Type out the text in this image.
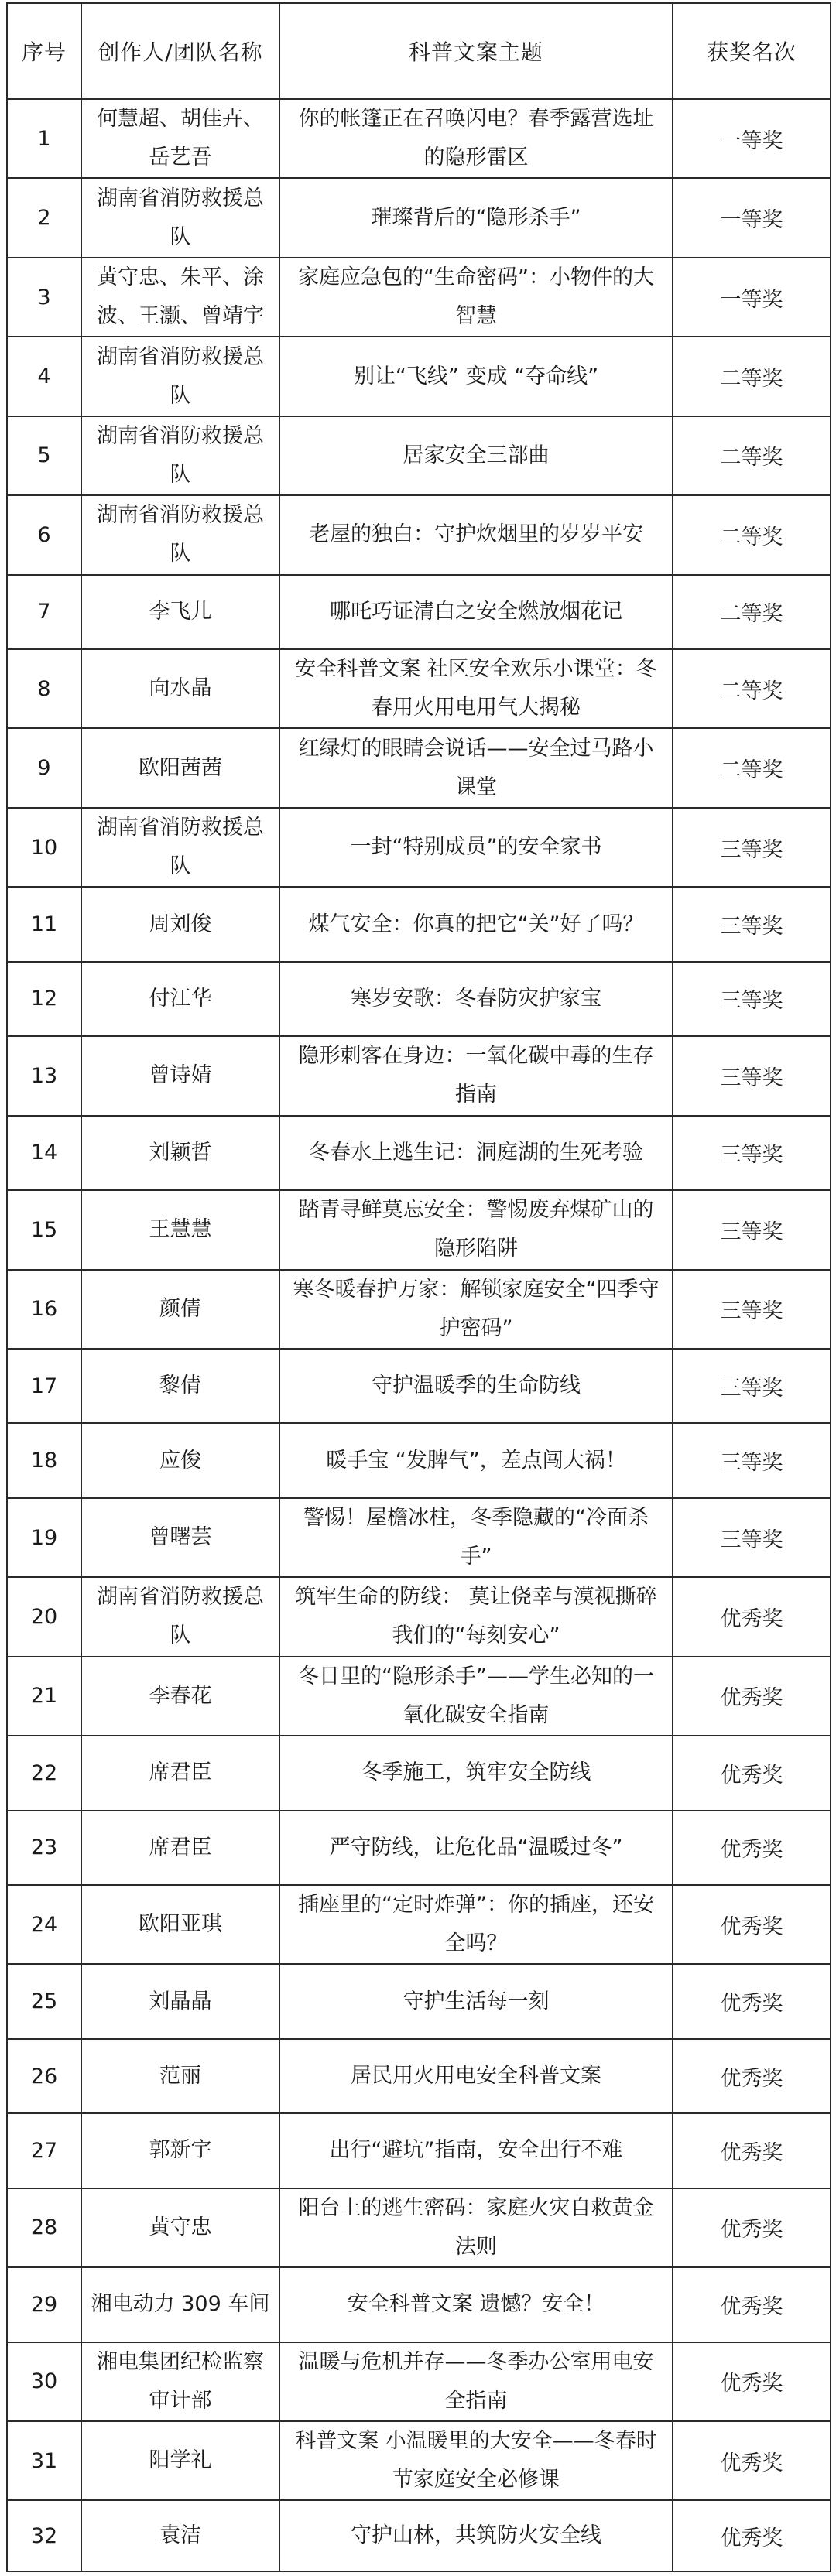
序号	创作人/团队名称	科普文案主题	获奖名次
1	何慧超、胡佳卉、岳艺吾	你的帐篷正在召唤闪电？春季露营选址的隐形雷区	一等奖
2	湖南省消防救援总队	璀璨背后的“隐形杀手”	一等奖
3	黄守忠、朱平、涂波、王灏、曾靖宇	家庭应急包的“生命密码”：小物件的大智慧	一等奖
4	湖南省消防救援总队	别让“飞线” 变成 “夺命线”	二等奖
5	湖南省消防救援总队	居家安全三部曲	二等奖
6	湖南省消防救援总队	老屋的独白：守护炊烟里的岁岁平安	二等奖
7	李飞儿	哪吒巧证清白之安全燃放烟花记	二等奖
8	向水晶	安全科普文案 社区安全欢乐小课堂：冬春用火用电用气大揭秘	二等奖
9	欧阳茜茜	红绿灯的眼睛会说话——安全过马路小课堂	二等奖
10	湖南省消防救援总队	一封“特别成员”的安全家书	三等奖
11	周刘俊	煤气安全：你真的把它“关”好了吗？	三等奖
12	付江华	寒岁安歌：冬春防灾护家宝	三等奖
13	曾诗婧	隐形刺客在身边：一氧化碳中毒的生存指南	三等奖
14	刘颖哲	冬春水上逃生记：洞庭湖的生死考验	三等奖
15	王慧慧	踏青寻鲜莫忘安全：警惕废弃煤矿山的隐形陷阱	三等奖
16	颜倩	寒冬暖春护万家：解锁家庭安全“四季守护密码”	三等奖
17	黎倩	守护温暖季的生命防线	三等奖
18	应俊	暖手宝 “发脾气”，差点闯大祸！	三等奖
19	曾曙芸	警惕！屋檐冰柱，冬季隐藏的“冷面杀手”	三等奖
20	湖南省消防救援总队	筑牢生命的防线： 莫让侥幸与漠视撕碎我们的“每刻安心”	优秀奖
21	李春花	冬日里的“隐形杀手”——学生必知的一氧化碳安全指南	优秀奖
22	席君臣	冬季施工，筑牢安全防线	优秀奖
23	席君臣	严守防线，让危化品“温暖过冬”	优秀奖
24	欧阳亚琪	插座里的“定时炸弹”：你的插座，还安全吗？	优秀奖
25	刘晶晶	守护生活每一刻	优秀奖
26	范丽	居民用火用电安全科普文案	优秀奖
27	郭新宇	出行“避坑”指南，安全出行不难	优秀奖
28	黄守忠	阳台上的逃生密码：家庭火灾自救黄金法则	优秀奖
29	湘电动力 309 车间	安全科普文案 遗憾？安全！	优秀奖
30	湘电集团纪检监察审计部	温暖与危机并存——冬季办公室用电安全指南	优秀奖
31	阳学礼	科普文案 小温暖里的大安全——冬春时节家庭安全必修课	优秀奖
32	袁洁	守护山林，共筑防火安全线	优秀奖
